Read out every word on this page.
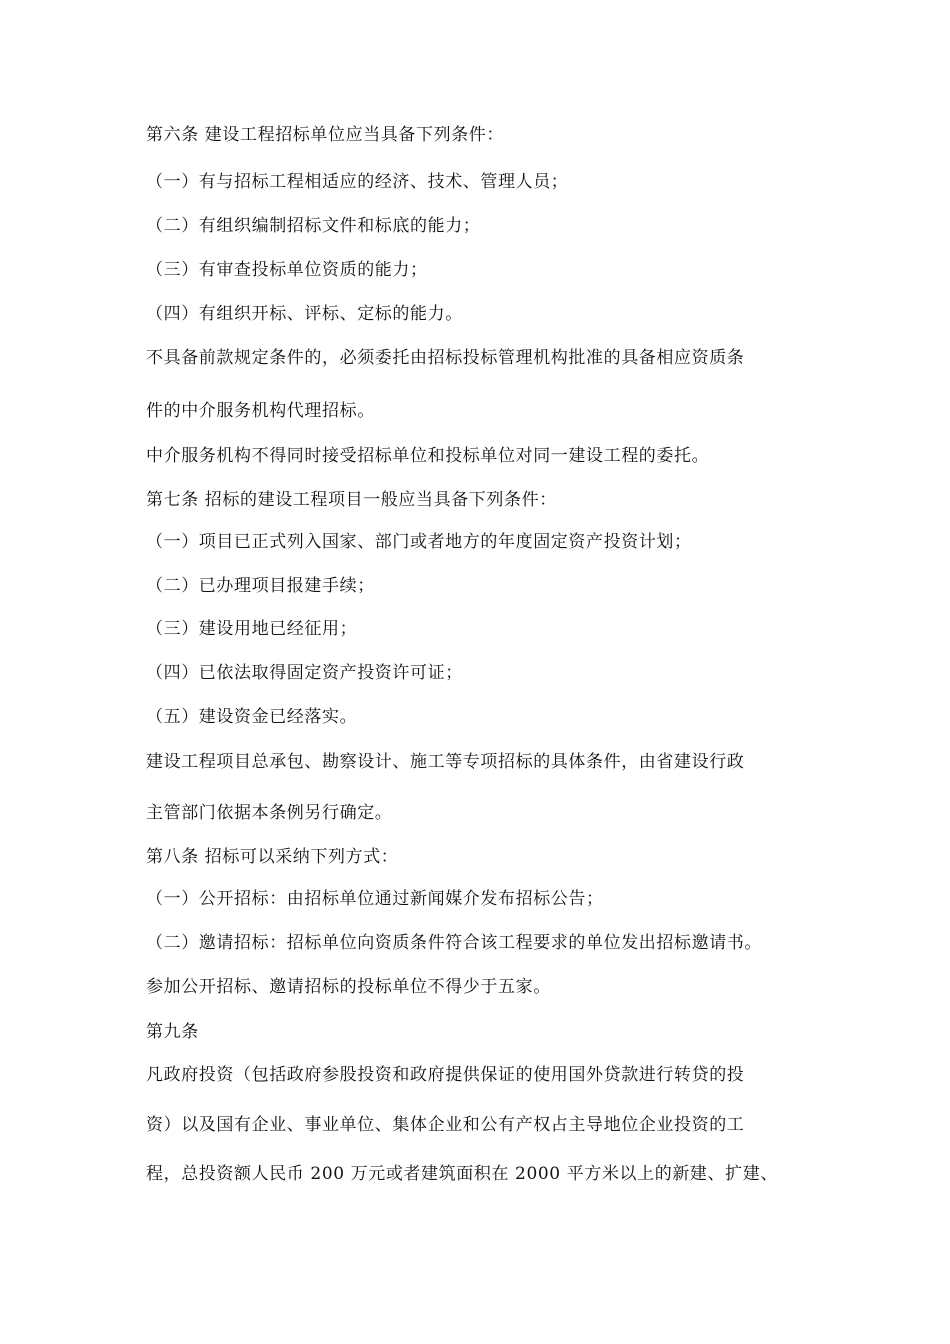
第六条 建设工程招标单位应当具备下列条件：
（一）有与招标工程相适应的经济、技术、管理人员；
（二）有组织编制招标文件和标底的能力；
（三）有审查投标单位资质的能力；
（四）有组织开标、评标、定标的能力。
不具备前款规定条件的，必须委托由招标投标管理机构批准的具备相应资质条
件的中介服务机构代理招标。
中介服务机构不得同时接受招标单位和投标单位对同一建设工程的委托。
第七条 招标的建设工程项目一般应当具备下列条件：
（一）项目已正式列入国家、部门或者地方的年度固定资产投资计划；
（二）已办理项目报建手续；
（三）建设用地已经征用；
（四）已依法取得固定资产投资许可证；
（五）建设资金已经落实。
建设工程项目总承包、勘察设计、施工等专项招标的具体条件，由省建设行政
主管部门依据本条例另行确定。
第八条 招标可以采纳下列方式：
（一）公开招标：由招标单位通过新闻媒介发布招标公告；
（二）邀请招标：招标单位向资质条件符合该工程要求的单位发出招标邀请书。
参加公开招标、邀请招标的投标单位不得少于五家。
第九条
凡政府投资（包括政府参股投资和政府提供保证的使用国外贷款进行转贷的投
资）以及国有企业、事业单位、集体企业和公有产权占主导地位企业投资的工
程，总投资额人民币 200 万元或者建筑面积在 2000 平方米以上的新建、扩建、
